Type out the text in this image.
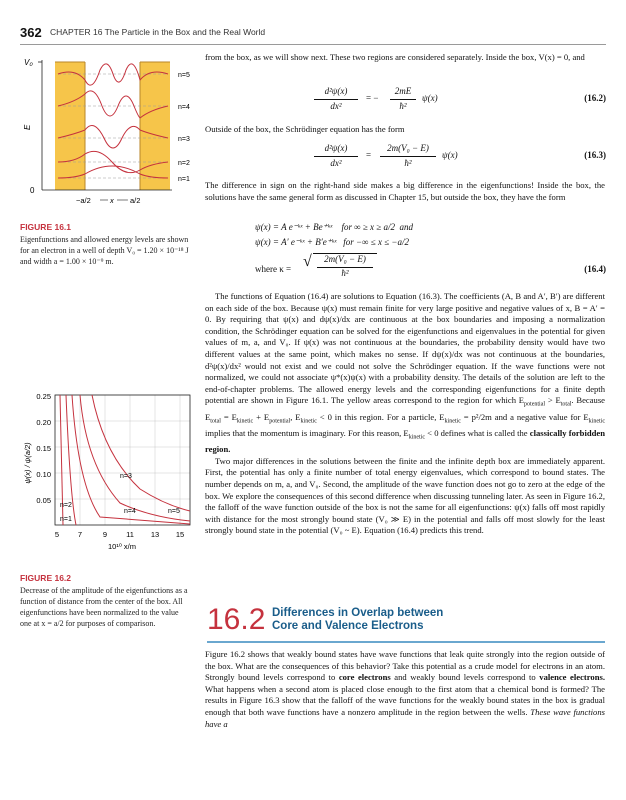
362 CHAPTER 16 The Particle in the Box and the Real World
V₀
E
0
n=5
n=4
n=3
n=2
n=1
−a/2	x a/2
FIGURE 16.1
Eigenfunctions and allowed energy levels are shown for an electron in a well of depth V₀ = 1.20 × 10⁻¹⁸ J and width a = 1.00 × 10⁻⁹ m.
0.25
0.20
0.15
0.10
0.05
5	7	9	11 13 15
10¹⁰ x/m
ψ(x) / ψ(a/2)	n=3
n=2
n=4	n=5
n=1
FIGURE 16.2
Decrease of the amplitude of the eigenfunctions as a function of distance from the center of the box. All eigenfunctions have been normalized to the value one at x = a/2 for purposes of comparison.

from the box, as we will show next. These two regions are considered separately. Inside the box, V(x) = 0, and

d²ψ(x)
dx²
= −
2mE
ħ²
ψ(x)	(16.2)

Outside of the box, the Schrödinger equation has the form

d²ψ(x)
dx²
=
2m(V₀ − E)
ħ²
ψ(x)	(16.3)

The difference in sign on the right-hand side makes a big difference in the eigenfunctions! Inside the box, the solutions have the same general form as discussed in Chapter 15, but outside the box, they have the form

ψ(x) = A e⁻ᵏˣ + Be⁺ᵏˣ    for ∞ ≥ x ≥ a/2  and
ψ(x) = A′ e⁻ᵏˣ + B′e⁺ᵏˣ   for −∞ ≤ x ≤ −a/2
where κ = √	2m(V₀ − E)
ħ²	(16.4)

The functions of Equation (16.4) are solutions to Equation (16.3). The coefficients (A, B and A′, B′) are different on each side of the box. Because ψ(x) must remain finite for very large positive and negative values of x, B = A′ = 0. By requiring that ψ(x) and dψ(x)/dx are continuous at the box boundaries and imposing a normalization condition, the Schrödinger equation can be solved for the eigenfunctions and eigenvalues in the potential for given values of m, a, and V₀. If ψ(x) was not continuous at the boundaries, the probability density would have two different values at the same point, which makes no sense. If dψ(x)/dx was not continuous at the boundaries, d²ψ(x)/dx² would not exist and we could not solve the Schrödinger equation. If the wave functions were not normalized, we could not associate ψ*(x)ψ(x) with a probability density. The details of the solution are left to the end-of-chapter problems. The allowed energy levels and the corresponding eigenfunctions for a finite depth potential are shown in Figure 16.1. The yellow areas correspond to the region for which $E_{potential} > E_{total}$. Because $E_{total} = E_{kinetic} + E_{potential}$, $E_{kinetic} < 0$ in this region. For a particle, $E_{kinetic} = p^2/2m$ and a negative value for $E_{kinetic}$ implies that the momentum is imaginary. For this reason, $E_{kinetic} < 0$ defines what is called the classically forbidden region.

Two major differences in the solutions between the finite and the infinite depth box are immediately apparent. First, the potential has only a finite number of total energy eigenvalues, which correspond to bound states. The number depends on m, a, and V₀. Second, the amplitude of the wave function does not go to zero at the edge of the box. We explore the consequences of this second difference when discussing tunneling later. As seen in Figure 16.2, the falloff of the wave function outside of the box is not the same for all eigenfunctions: ψ(x) falls off most rapidly with distance for the most strongly bound state (V₀ ≫ E) in the potential and falls off most slowly for the least strongly bound state in the potential (V₀ ~ E). Equation (16.4) predicts this trend.

16.2 Differences in Overlap between
Core and Valence Electrons

Figure 16.2 shows that weakly bound states have wave functions that leak quite strongly into the region outside of the box. What are the consequences of this behavior? Take this potential as a crude model for electrons in an atom. Strongly bound levels correspond to core electrons and weakly bound levels correspond to valence electrons. What happens when a second atom is placed close enough to the first atom that a chemical bond is formed? The results in Figure 16.3 show that the falloff of the wave functions for the weakly bound states in the box is gradual enough that both wave functions have a nonzero amplitude in the region between the wells. These wave functions have a
